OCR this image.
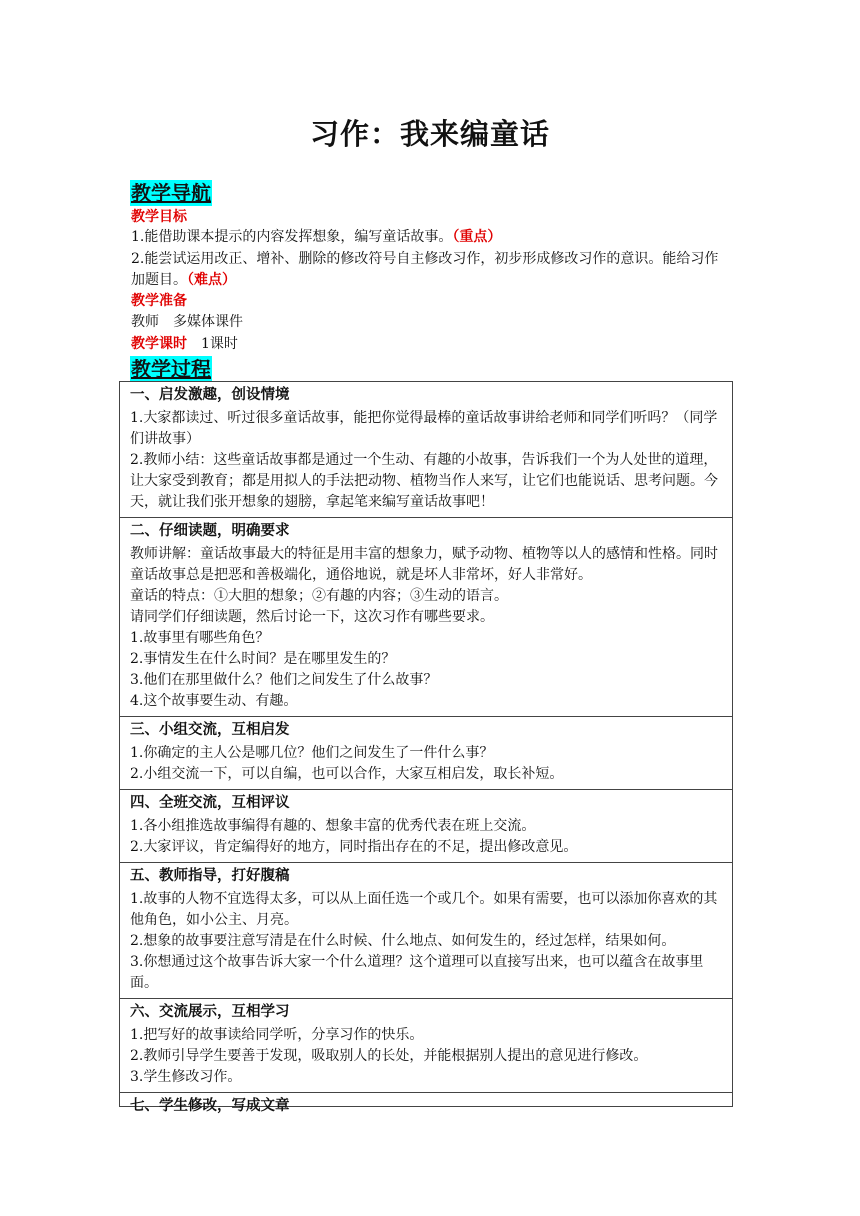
习作：我来编童话
教学导航
教学目标
1.能借助课本提示的内容发挥想象，编写童话故事。（重点）
2.能尝试运用改正、增补、删除的修改符号自主修改习作，初步形成修改习作的意识。能给习作加题目。（难点）
教学准备
教师　多媒体课件
教学课时　1课时
教学过程
一、启发激趣，创设情境

1.大家都读过、听过很多童话故事，能把你觉得最棒的童话故事讲给老师和同学们听吗？（同学们讲故事）

2.教师小结：这些童话故事都是通过一个生动、有趣的小故事，告诉我们一个为人处世的道理，让大家受到教育；都是用拟人的手法把动物、植物当作人来写，让它们也能说话、思考问题。今天，就让我们张开想象的翅膀，拿起笔来编写童话故事吧！

二、仔细读题，明确要求

教师讲解：童话故事最大的特征是用丰富的想象力，赋予动物、植物等以人的感情和性格。同时童话故事总是把恶和善极端化，通俗地说，就是坏人非常坏，好人非常好。

童话的特点：①大胆的想象；②有趣的内容；③生动的语言。

请同学们仔细读题，然后讨论一下，这次习作有哪些要求。

1.故事里有哪些角色？

2.事情发生在什么时间？是在哪里发生的？

3.他们在那里做什么？他们之间发生了什么故事？

4.这个故事要生动、有趣。

三、小组交流，互相启发

1.你确定的主人公是哪几位？他们之间发生了一件什么事？

2.小组交流一下，可以自编，也可以合作，大家互相启发，取长补短。

四、全班交流，互相评议

1.各小组推选故事编得有趣的、想象丰富的优秀代表在班上交流。

2.大家评议，肯定编得好的地方，同时指出存在的不足，提出修改意见。

五、教师指导，打好腹稿

1.故事的人物不宜选得太多，可以从上面任选一个或几个。如果有需要，也可以添加你喜欢的其他角色，如小公主、月亮。

2.想象的故事要注意写清是在什么时候、什么地点、如何发生的，经过怎样，结果如何。

3.你想通过这个故事告诉大家一个什么道理？这个道理可以直接写出来，也可以蕴含在故事里面。

六、交流展示，互相学习

1.把写好的故事读给同学听，分享习作的快乐。

2.教师引导学生要善于发现，吸取别人的长处，并能根据别人提出的意见进行修改。

3.学生修改习作。

七、学生修改，写成文章
